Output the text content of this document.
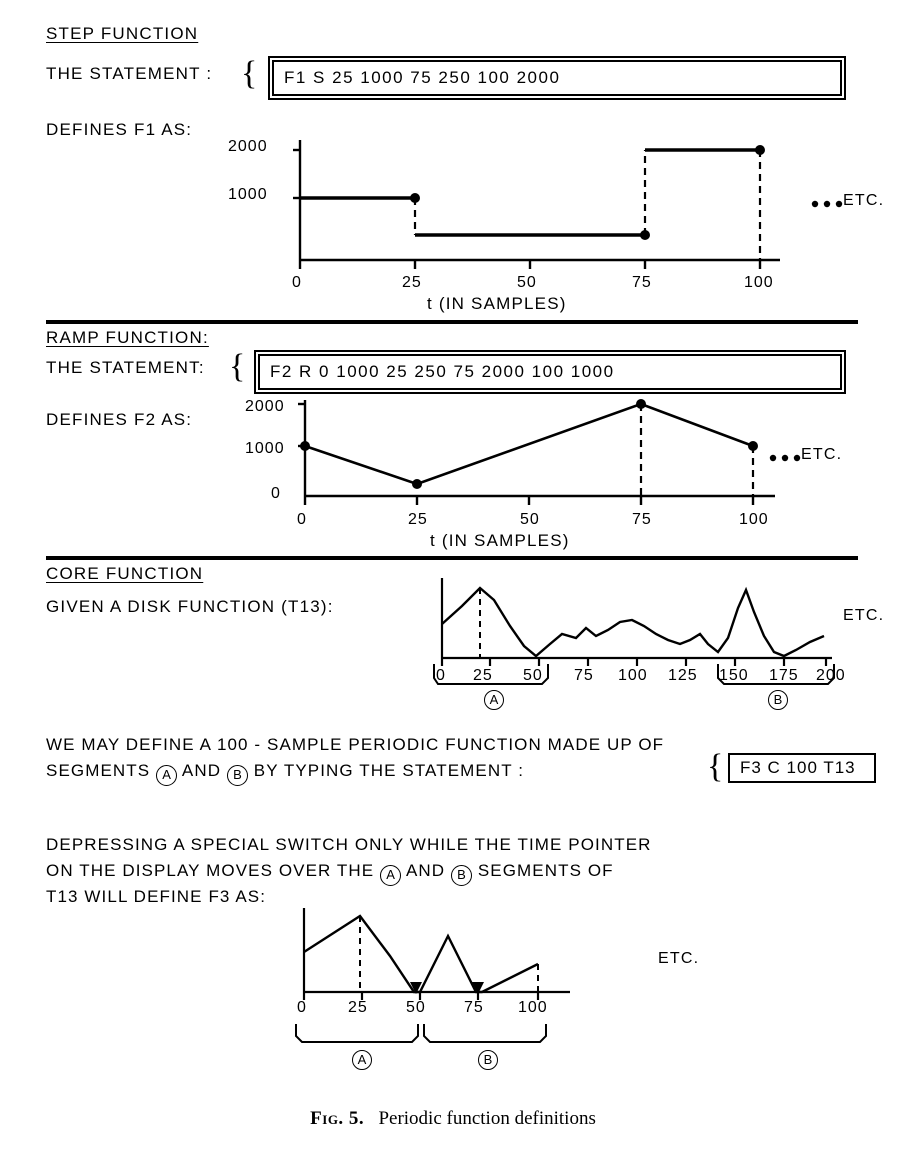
STEP FUNCTION
THE STATEMENT : {	F1 S 25 1000 75 250 100 2000
DEFINES F1 AS:
2000
1000
0	25	50	75	100
t (IN SAMPLES)
ETC.
RAMP FUNCTION:
THE STATEMENT: {	F2 R 0 1000 25 250 75 2000 100 1000
DEFINES F2 AS:
2000
1000
0
0	25	50	75	100
t (IN SAMPLES)
ETC.
CORE FUNCTION
GIVEN A DISK FUNCTION (T13):	ETC.
0 25 50 75 100 125 150 175 200
A	B
WE MAY DEFINE A 100 - SAMPLE PERIODIC FUNCTION MADE UP OF
SEGMENTS A AND B BY TYPING THE STATEMENT :	{ F3 C 100 T13
DEPRESSING A SPECIAL SWITCH ONLY WHILE THE TIME POINTER
ON THE DISPLAY MOVES OVER THE A AND B SEGMENTS OF
T13 WILL DEFINE F3 AS:
ETC.
0	25 50 75 100
A	B
Fig. 5. Periodic function definitions
